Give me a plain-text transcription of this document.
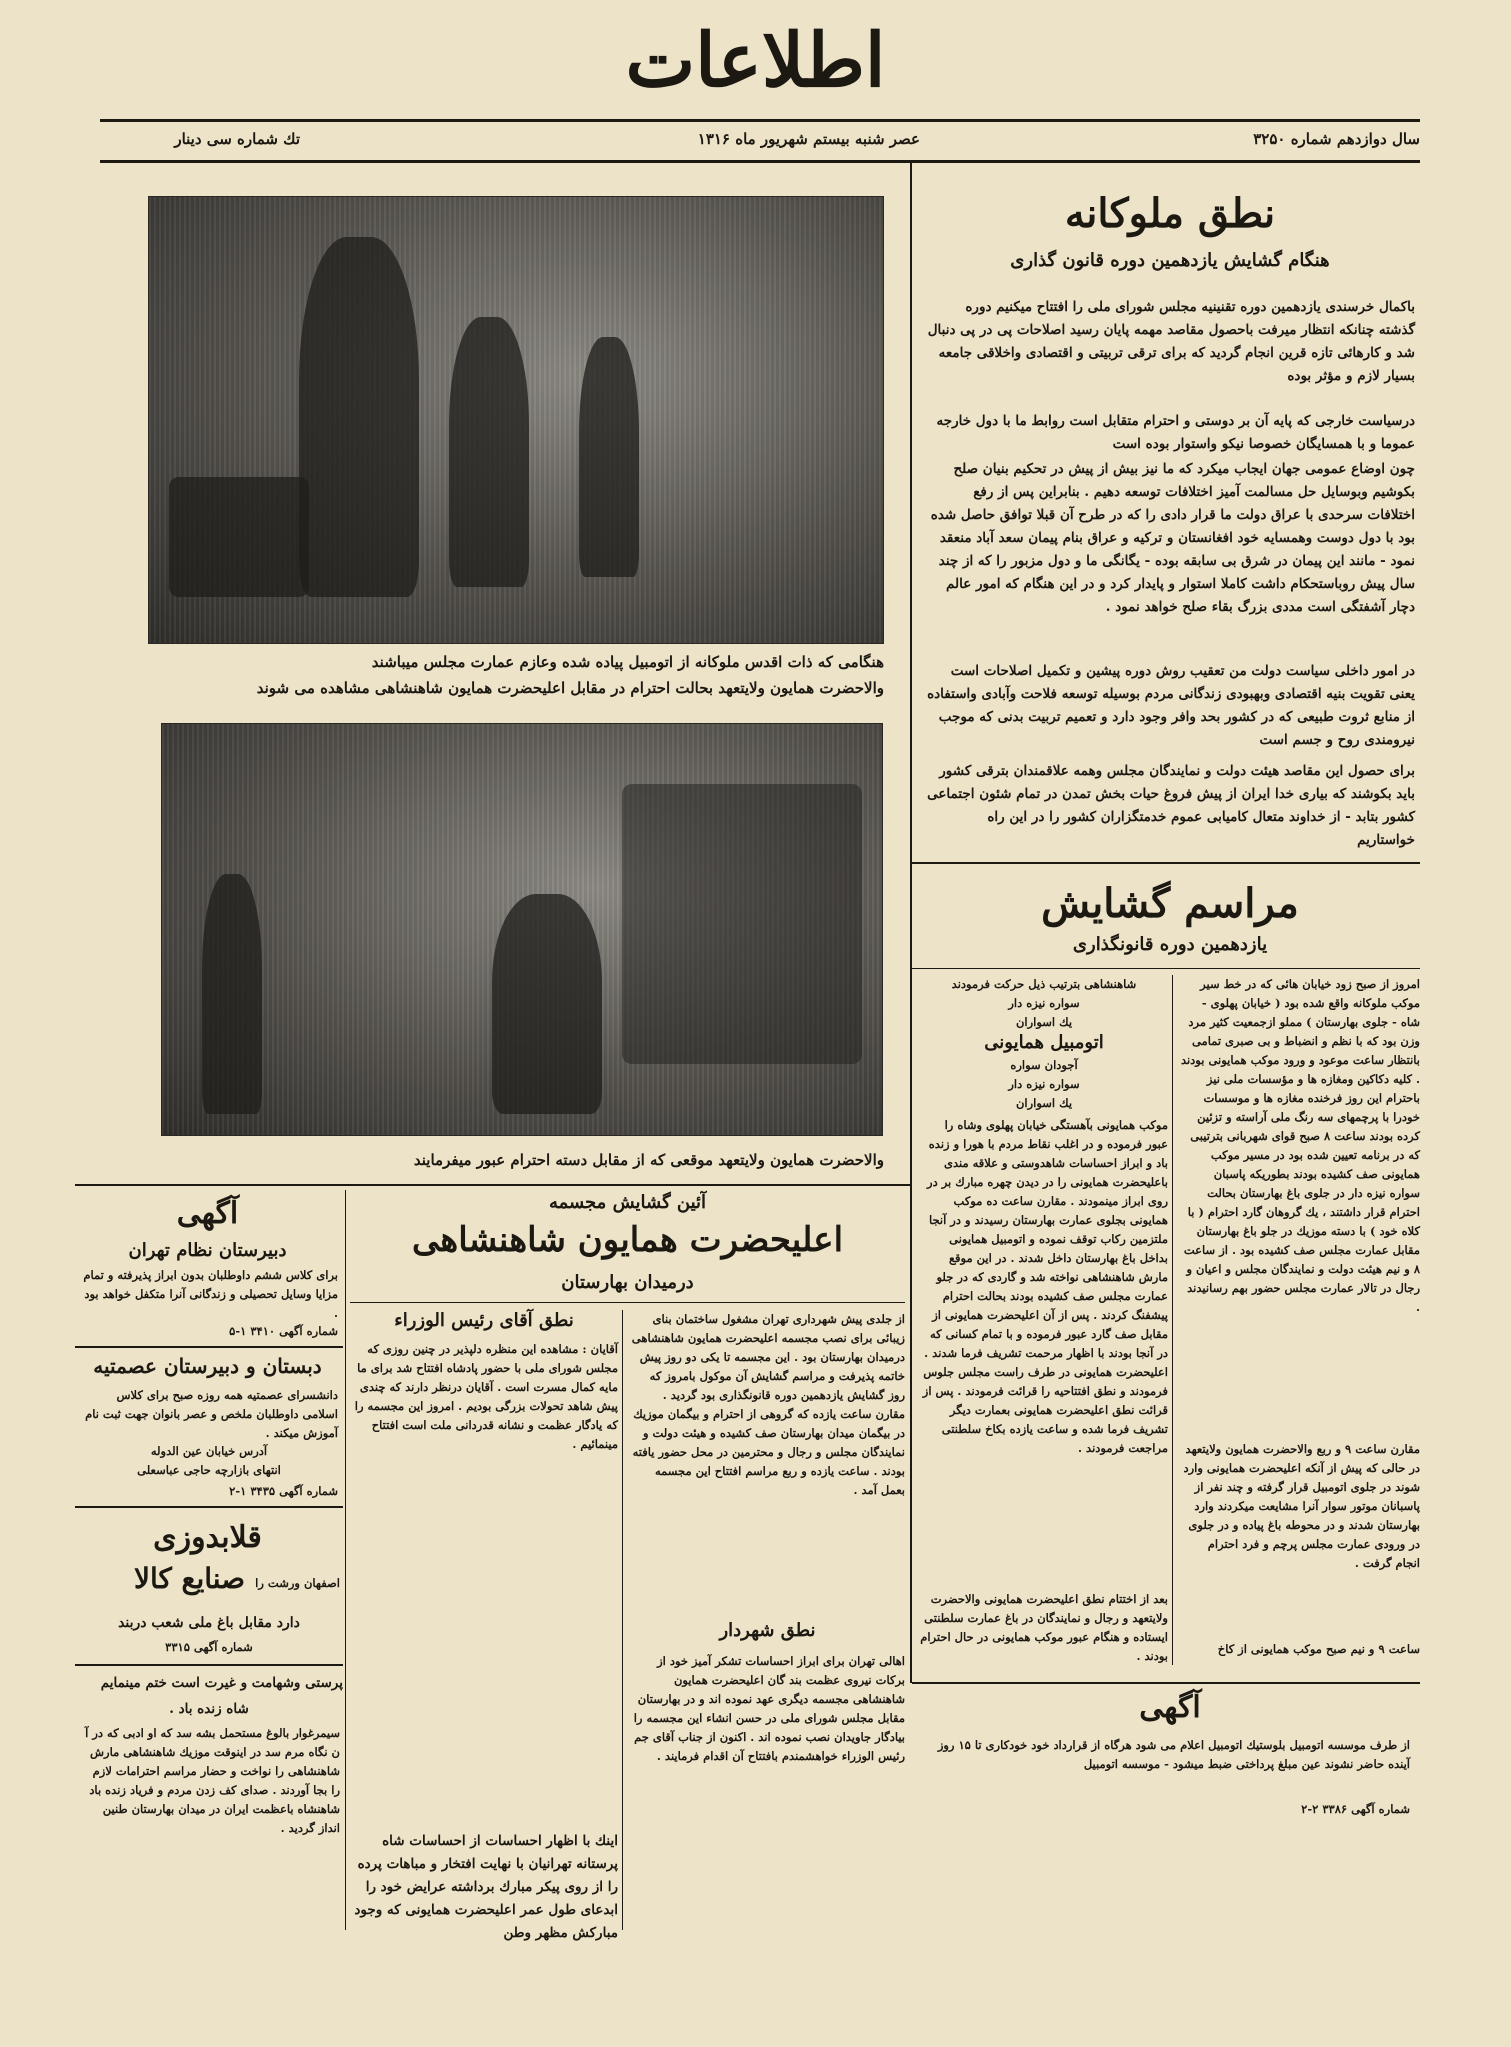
اطلاعات
سال دوازدهم شماره ۳۲۵۰
عصر شنبه بیستم شهریور ماه ۱۳۱۶
تك شماره سی دینار
هنگامی که ذات اقدس ملوکانه از اتومبیل پیاده شده وعازم عمارت مجلس میباشند
والاحضرت همایون ولایتعهد بحالت احترام در مقابل اعلیحضرت همایون شاهنشاهی مشاهده می شوند
والاحضرت همایون ولایتعهد موقعی که از مقابل دسته احترام عبور میفرمایند
نطق ملوکانه
هنگام گشایش یازدهمین دوره قانون گذاری
باکمال خرسندی یازدهمین دوره تقنینیه مجلس شورای ملی را افتتاح میکنیم دوره گذشته چنانکه انتظار میرفت باحصول مقاصد مهمه پایان رسید اصلاحات پی در پی دنبال شد و کارهائی تازه قرین انجام گردید که برای ترقی تربیتی و اقتصادی واخلاقی جامعه بسیار لازم و مؤثر بوده
درسیاست خارجی که پایه آن بر دوستی و احترام متقابل است روابط ما با دول خارجه عموما و با همسایگان خصوصا نیکو واستوار بوده است
چون اوضاع عمومی جهان ایجاب میکرد که ما نیز بیش از پیش در تحکیم بنیان صلح بکوشیم وبوسایل حل مسالمت آمیز اختلافات توسعه دهیم . بنابراین پس از رفع اختلافات سرحدی با عراق دولت ما قرار دادی را که در طرح آن قبلا توافق حاصل شده بود با دول دوست وهمسایه خود افغانستان و ترکیه و عراق بنام پیمان سعد آباد منعقد نمود - مانند این پیمان در شرق بی سابقه بوده - یگانگی ما و دول مزبور را که از چند سال پیش روباستحکام داشت کاملا استوار و پایدار کرد و در این هنگام که امور عالم دچار آشفتگی است مددی بزرگ بقاء صلح خواهد نمود .
در امور داخلی سیاست دولت من تعقیب روش دوره پیشین و تکمیل اصلاحات است یعنی تقویت بنیه اقتصادی وبهبودی زندگانی مردم بوسیله توسعه فلاحت وآبادی واستفاده از منابع ثروت طبیعی که در کشور بحد وافر وجود دارد و تعمیم تربیت بدنی که موجب نیرومندی روح و جسم است
برای حصول این مقاصد هیئت دولت و نمایندگان مجلس وهمه علاقمندان بترقی کشور باید بکوشند که بیاری خدا ایران از پیش فروغ حیات بخش تمدن در تمام شئون اجتماعی کشور بتابد - از خداوند متعال کامیابی عموم خدمتگزاران کشور را در این راه خواستاریم
مراسم گشایش
یازدهمین دوره قانونگذاری
امروز از صبح زود خیابان هائی که در خط سیر موکب ملوکانه واقع شده بود ( خیابان پهلوی - شاه - جلوی بهارستان ) مملو ازجمعیت کثیر مرد وزن بود که با نظم و انضباط و بی صبری تمامی بانتظار ساعت موعود و ورود موکب همایونی بودند . کلیه دکاکین ومغازه ها و مؤسسات ملی نیز باحترام این روز فرخنده مغازه ها و موسسات خودرا با پرچمهای سه رنگ ملی آراسته و تزئین کرده بودند ساعت ۸ صبح قوای شهربانی بترتیبی که در برنامه تعیین شده بود در مسیر موکب همایونی صف کشیده بودند بطوریکه پاسبان سواره نیزه دار در جلوی باغ بهارستان بحالت احترام قرار داشتند ، یك گروهان گارد احترام ( با کلاه خود ) با دسته موزیك در جلو باغ بهارستان مقابل عمارت مجلس صف کشیده بود . از ساعت ۸ و نیم هیئت دولت و نمایندگان مجلس و اعیان و رجال در تالار عمارت مجلس حضور بهم رسانیدند .
مقارن ساعت ۹ و ربع والاحضرت همایون ولایتعهد در حالی که پیش از آنکه اعلیحضرت همایونی وارد شوند در جلوی اتومبیل قرار گرفته و چند نفر از پاسبانان موتور سوار آنرا مشایعت میکردند وارد بهارستان شدند و در محوطه باغ پیاده و در جلوی در ورودی عمارت مجلس پرچم و فرد احترام انجام گرفت .
ساعت ۹ و نیم صبح موکب همایونی از کاخ
شاهنشاهی بترتیب ذیل حرکت فرمودند
سواره نیزه دار
یك اسواران
اتومبیل همایونی
آجودان سواره
سواره نیزه دار
یك اسواران
موکب همایونی بآهستگی خیابان پهلوی وشاه را عبور فرموده و در اغلب نقاط مردم با هورا و زنده باد و ابراز احساسات شاهدوستی و علاقه مندی باعلیحضرت همایونی را در دیدن چهره مبارك بر در روی ابراز مینمودند . مقارن ساعت ده موکب همایونی بجلوی عمارت بهارستان رسیدند و در آنجا ملتزمین رکاب توقف نموده و اتومبیل همایونی بداخل باغ بهارستان داخل شدند . در این موقع مارش شاهنشاهی نواخته شد و گاردی که در جلو عمارت مجلس صف کشیده بودند بحالت احترام پیشفنگ کردند . پس از آن اعلیحضرت همایونی از مقابل صف گارد عبور فرموده و با تمام کسانی که در آنجا بودند با اظهار مرحمت تشریف فرما شدند . اعلیحضرت همایونی در طرف راست مجلس جلوس فرمودند و نطق افتتاحیه را قرائت فرمودند . پس از قرائت نطق اعلیحضرت همایونی بعمارت دیگر تشریف فرما شده و ساعت یازده بکاخ سلطنتی مراجعت فرمودند .
بعد از اختتام نطق اعلیحضرت همایونی والاحضرت ولایتعهد و رجال و نمایندگان در باغ عمارت سلطنتی ایستاده و هنگام عبور موکب همایونی در حال احترام بودند .
آگهی
از طرف موسسه اتومبیل بلوستیك اتومبیل اعلام می شود هرگاه از قرارداد خود خودکاری تا ۱۵ روز آینده حاضر نشوند عین مبلغ پرداختی ضبط میشود - موسسه اتومبیل
شماره آگهی ۳۳۸۶ ۲-۲
آئین گشایش مجسمه
اعلیحضرت همایون شاهنشاهی
درمیدان بهارستان
از جلدی پیش شهرداری تهران مشغول ساختمان بنای زیبائی برای نصب مجسمه اعلیحضرت همایون شاهنشاهی درمیدان بهارستان بود . این مجسمه تا یکی دو روز پیش خاتمه پذیرفت و مراسم گشایش آن موکول بامروز که روز گشایش یازدهمین دوره قانونگذاری بود گردید . مقارن ساعت یازده که گروهی از احترام و بیگمان موزیك در بیگمان میدان بهارستان صف کشیده و هیئت دولت و نمایندگان مجلس و رجال و محترمین در محل حضور یافته بودند . ساعت یازده و ربع مراسم افتتاح این مجسمه بعمل آمد .
نطق شهردار
اهالی تهران برای ابراز احساسات تشکر آمیز خود از برکات نیروی عظمت بند گان اعلیحضرت همایون شاهنشاهی مجسمه دیگری عهد نموده اند و در بهارستان مقابل مجلس شورای ملی در حسن انشاء این مجسمه را بیادگار جاویدان نصب نموده اند . اکنون از جناب آقای جم رئیس الوزراء خواهشمندم بافتتاح آن اقدام فرمایند .
نطق آقای رئیس الوزراء
آقایان : مشاهده این منظره دلپذیر در چنین روزی که مجلس شورای ملی با حضور پادشاه افتتاح شد برای ما مایه کمال مسرت است . آقایان درنظر دارند که چندی پیش شاهد تحولات بزرگی بودیم . امروز این مجسمه را که یادگار عظمت و نشانه قدردانی ملت است افتتاح مینمائیم .
اینك با اظهار احساسات از احساسات شاه پرستانه تهرانیان با نهایت افتخار و مباهات پرده را از روی پیکر مبارك برداشته عرایض خود را ابدعای طول عمر اعلیحضرت همایونی که وجود مبارکش مظهر وطن
آگهی
دبیرستان نظام تهران
برای کلاس ششم داوطلبان بدون ابراز پذیرفته و تمام مزایا وسایل تحصیلی و زندگانی آنرا متکفل خواهد بود .
شماره آگهی ۳۴۱۰ ۱-۵
دبستان و دبیرستان عصمتیه
دانشسرای عصمتیه همه روزه صبح برای کلاس اسلامی داوطلبان ملخص و عصر بانوان جهت ثبت نام آموزش میکند .
آدرس خیابان عین الدوله
انتهای بازارچه حاجی عباسعلی
شماره آگهی ۳۴۳۵ ۱-۲
قلابدوزی
اصفهان ورشت را
صنایع کالا
دارد مقابل باغ ملی شعب دربند
شماره آگهی ۳۳۱۵
پرستی وشهامت و غیرت است ختم مینمایم
شاه زنده باد .
سیمرغوار بالوغ مستحمل بشه سد که او ادبی که در آ ن نگاه مرم سد در اینوقت موزیك شاهنشاهی مارش شاهنشاهی را نواخت و حضار مراسم احترامات لازم را بجا آوردند . صدای کف زدن مردم و فریاد زنده باد شاهنشاه باعظمت ایران در میدان بهارستان طنین انداز گردید .
